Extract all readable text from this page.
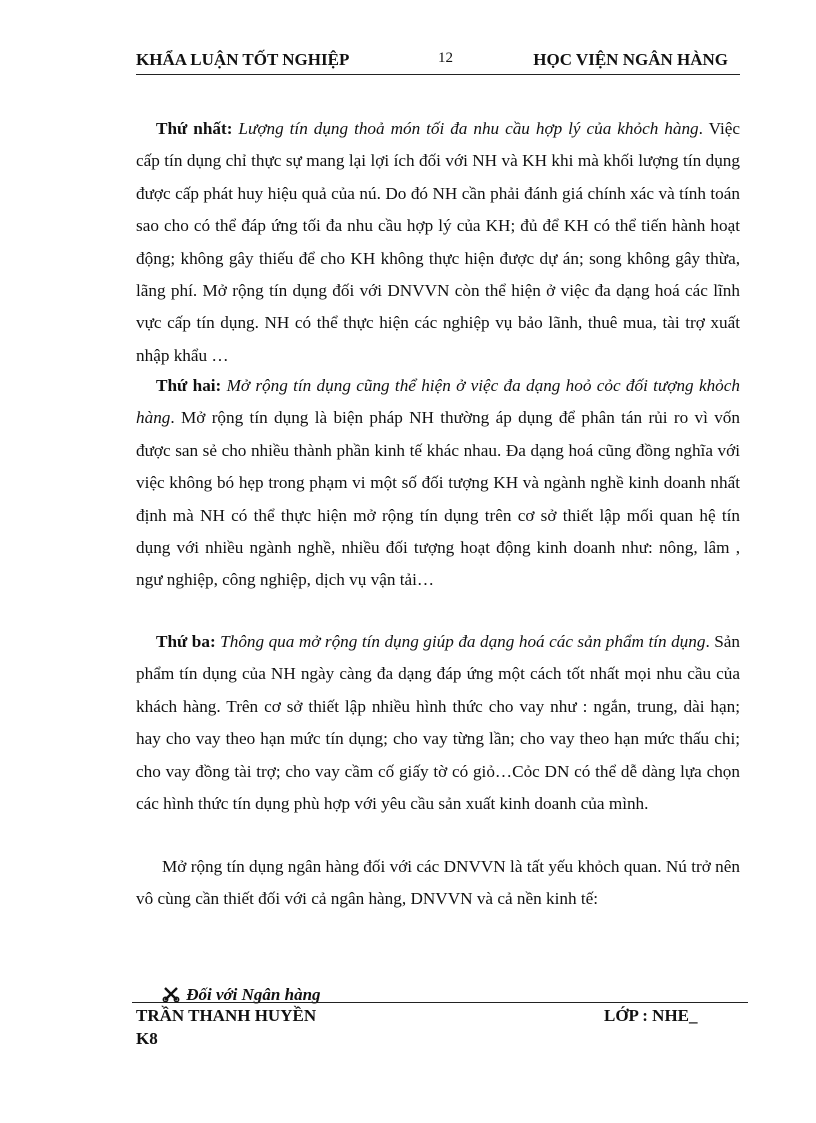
KHẨA LUẬN TỐT NGHIỆP	12	HỌC VIỆN NGÂN HÀNG

Thứ nhất: Lượng tín dụng thoả món tối đa nhu cầu hợp lý của khỏch hàng. Việc cấp tín dụng chỉ thực sự mang lại lợi ích đối với NH và KH khi mà khối lượng tín dụng được cấp phát huy hiệu quả của nú. Do đó NH cần phải đánh giá chính xác và tính toán sao cho có thể đáp ứng tối đa nhu cầu hợp lý của KH; đủ để KH có thể tiến hành hoạt động; không gây thiếu để cho KH không thực hiện được dự án; song không gây thừa, lãng phí. Mở rộng tín dụng đối với DNVVN còn thể hiện ở việc đa dạng hoá các lĩnh vực cấp tín dụng. NH có thể thực hiện các nghiệp vụ bảo lãnh, thuê mua, tài trợ xuất nhập khẩu …

Thứ hai: Mở rộng tín dụng cũng thể hiện ở việc đa dạng hoỏ cỏc đối tượng khỏch hàng. Mở rộng tín dụng là biện pháp NH thường áp dụng để phân tán rủi ro vì vốn được san sẻ cho nhiều thành phần kinh tế khác nhau. Đa dạng hoá cũng đồng nghĩa với việc không bó hẹp trong phạm vi một số đối tượng KH và ngành nghề kinh doanh nhất định mà NH có thể thực hiện mở rộng tín dụng trên cơ sở thiết lập mối quan hệ tín dụng với nhiều ngành nghề, nhiều đối tượng hoạt động kinh doanh như: nông, lâm , ngư nghiệp, công nghiệp, dịch vụ vận tải…

Thứ ba: Thông qua mở rộng tín dụng giúp đa dạng hoá các sản phẩm tín dụng. Sản phẩm tín dụng của NH ngày càng đa dạng đáp ứng một cách tốt nhất mọi nhu cầu của khách hàng. Trên cơ sở thiết lập nhiều hình thức cho vay như : ngắn, trung, dài hạn; hay cho vay theo hạn mức tín dụng; cho vay từng lần; cho vay theo hạn mức thấu chi; cho vay đồng tài trợ; cho vay cầm cố giấy tờ có giỏ…Cỏc DN có thể dễ dàng lựa chọn các hình thức tín dụng phù hợp với yêu cầu sản xuất kinh doanh của mình.

Mở rộng tín dụng ngân hàng đối với các DNVVN là tất yếu khỏch quan. Nú trở nên vô cùng cần thiết đối với cả ngân hàng, DNVVN và cả nền kinh tế:

Đối với Ngân hàng
TRẦN THANH HUYỀN	LỚP : NHE_
K8
